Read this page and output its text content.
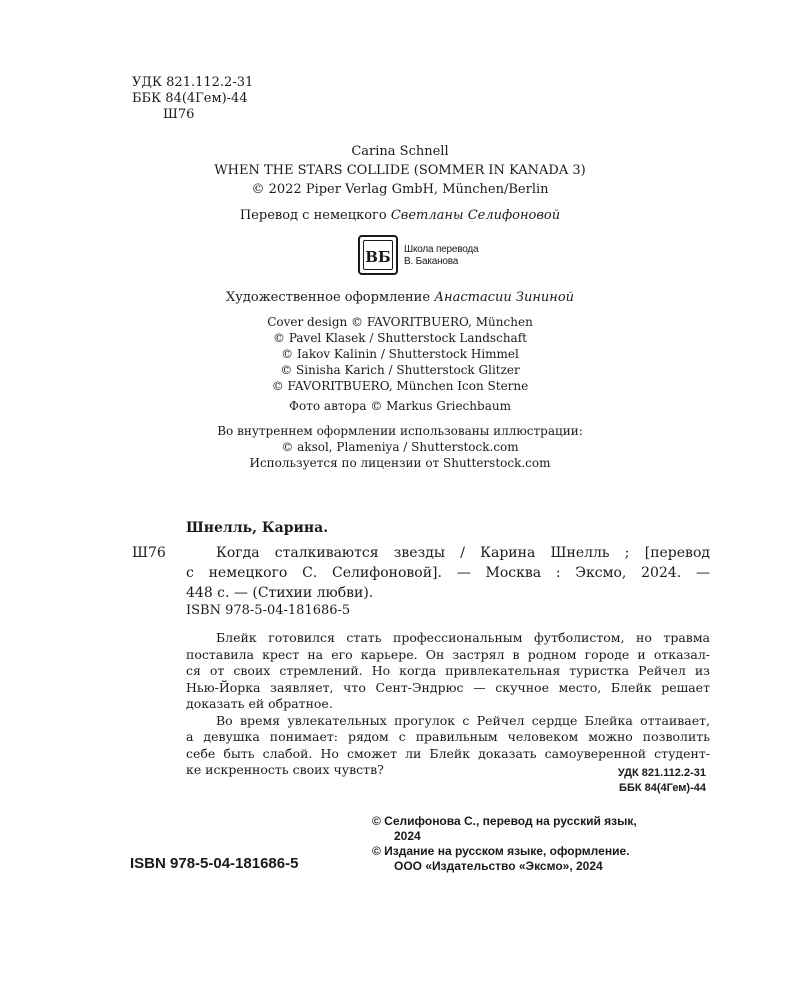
УДК 821.112.2-31
ББК 84(4Гем)-44
Ш76
Carina Schnell
WHEN THE STARS COLLIDE (SOMMER IN KANADA 3)
© 2022 Piper Verlag GmbH, München/Berlin
Перевод с немецкого Светланы Селифоновой
ВБ Школа перевода
В. Баканова
Художественное оформление Анастасии Зининой
Cover design © FAVORITBUERO, München
© Pavel Klasek / Shutterstock Landschaft
© Iakov Kalinin / Shutterstock Himmel
© Sinisha Karich / Shutterstock Glitzer
© FAVORITBUERO, München Icon Sterne
Фото автора © Markus Griechbaum
Во внутреннем оформлении использованы иллюстрации:
© aksol, Plameniya / Shutterstock.com
Используется по лицензии от Shutterstock.com
Шнелль, Карина.
Ш76	Когда сталкиваются звезды / Карина Шнелль ; [перевод
с немецкого С. Селифоновой]. — Москва : Эксмо, 2024. —
448 с. — (Стихии любви).
ISBN 978-5-04-181686-5

Блейк готовился стать профессиональным футболистом, но травма
поставила крест на его карьере. Он застрял в родном городе и отказал-
ся от своих стремлений. Но когда привлекательная туристка Рейчел из
Нью-Йорка заявляет, что Сент-Эндрюс — скучное место, Блейк решает
доказать ей обратное.

Во время увлекательных прогулок с Рейчел сердце Блейка оттаивает,
а девушка понимает: рядом с правильным человеком можно позволить
себе быть слабой. Но сможет ли Блейк доказать самоуверенной студент-
ке искренность своих чувств?	УДК 821.112.2-31
ББК 84(4Гем)-44
© Селифонова С., перевод на русский язык,
2024
© Издание на русском языке, оформление.
ООО «Издательство «Эксмо», 2024
ISBN 978-5-04-181686-5
